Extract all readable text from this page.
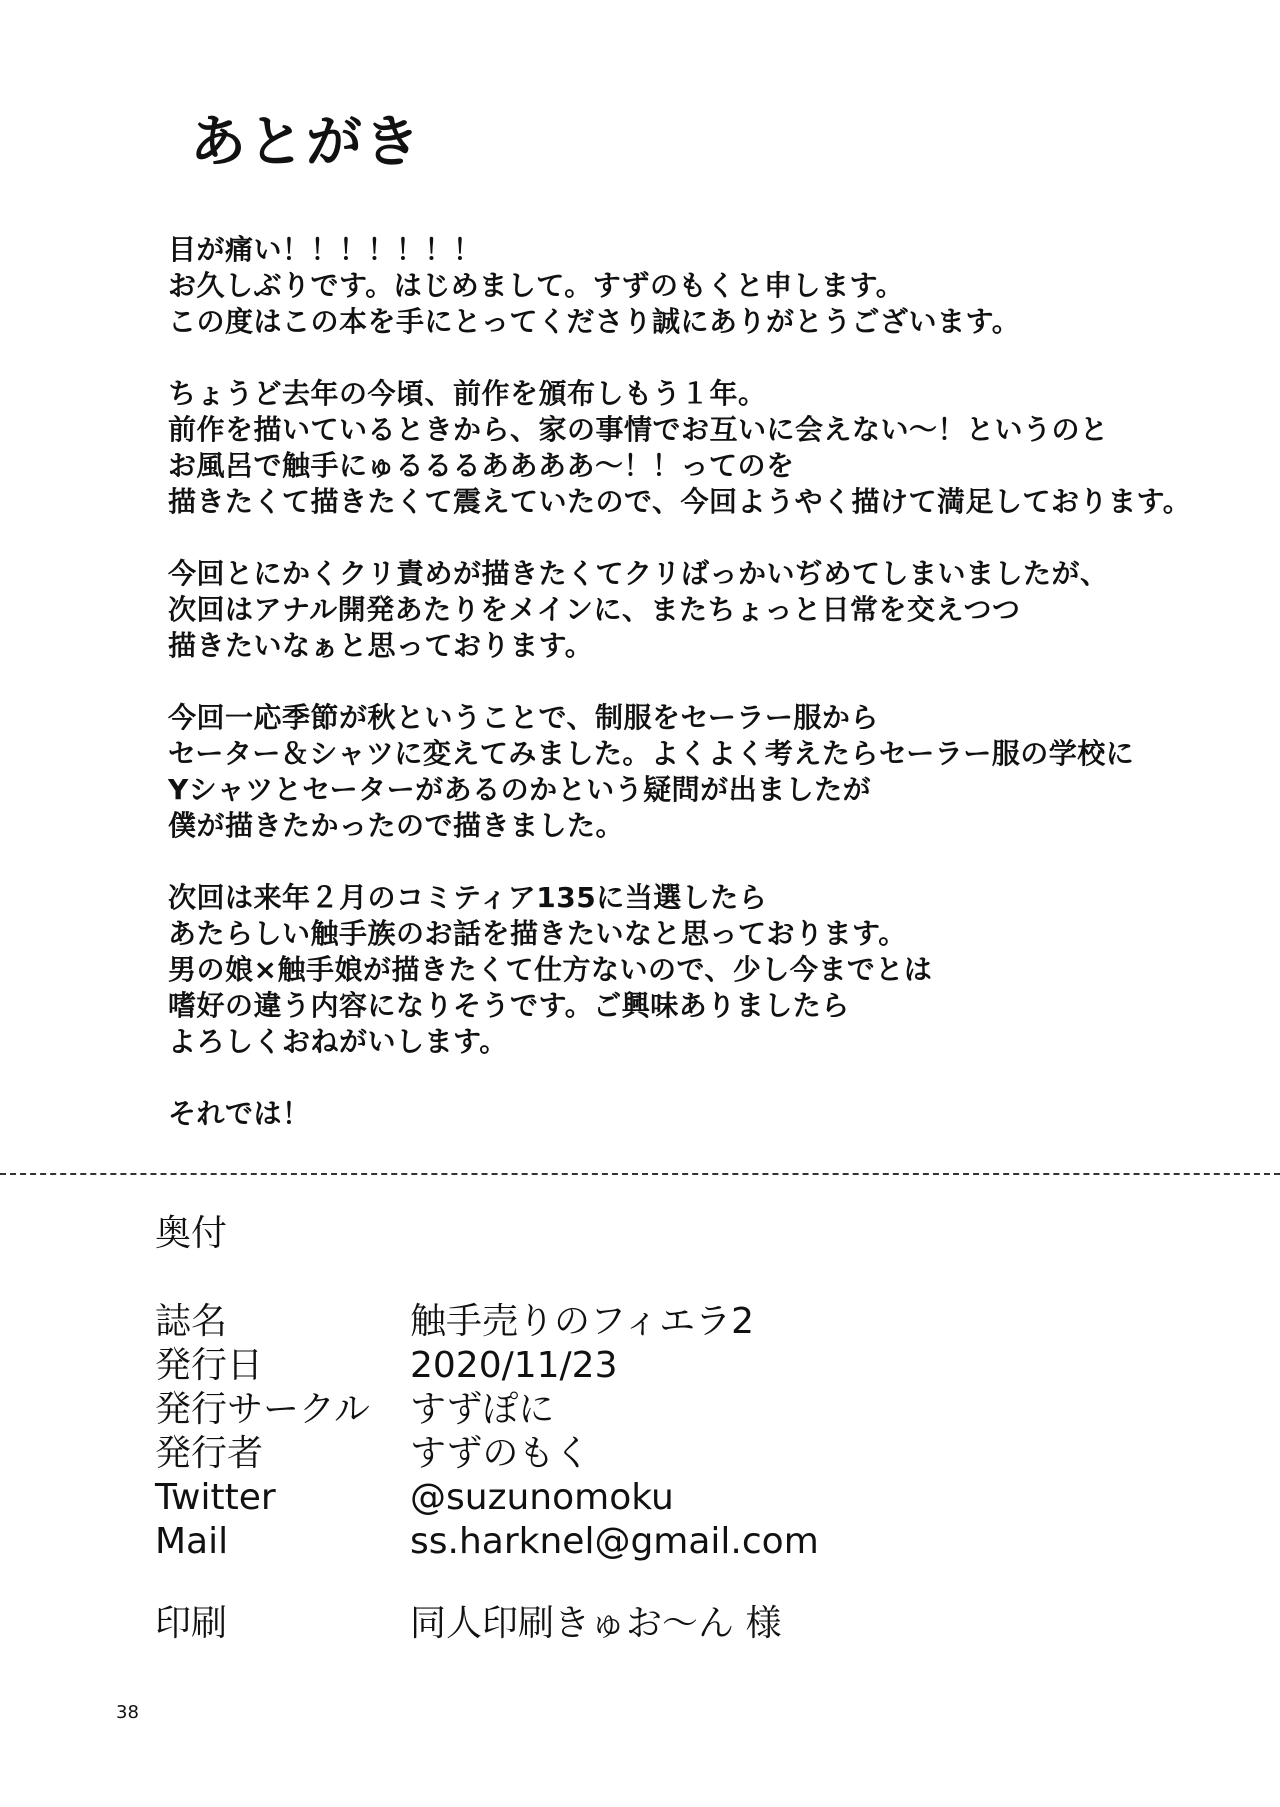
あとがき

目が痛い！！！！！！！
お久しぶりです。はじめまして。すずのもくと申します。
この度はこの本を手にとってくださり誠にありがとうございます。

ちょうど去年の今頃、前作を頒布しもう１年。
前作を描いているときから、家の事情でお互いに会えない〜！というのと
お風呂で触手にゅるるるああああ〜！！ってのを
描きたくて描きたくて震えていたので、今回ようやく描けて満足しております。

今回とにかくクリ責めが描きたくてクリばっかいぢめてしまいましたが、
次回はアナル開発あたりをメインに、またちょっと日常を交えつつ
描きたいなぁと思っております。

今回一応季節が秋ということで、制服をセーラー服から
セーター＆シャツに変えてみました。よくよく考えたらセーラー服の学校に
Yシャツとセーターがあるのかという疑問が出ましたが
僕が描きたかったので描きました。

次回は来年２月のコミティア135に当選したら
あたらしい触手族のお話を描きたいなと思っております。
男の娘×触手娘が描きたくて仕方ないので、少し今までとは
嗜好の違う内容になりそうです。ご興味ありましたら
よろしくおねがいします。

それでは！

奥付
誌名	触手売りのフィエラ2
発行日	2020/11/23
発行サークル	すずぽに
発行者	すずのもく
Twitter	@suzunomoku
Mail	ss.harknel@gmail.com
印刷	同人印刷きゅお〜ん 様
38
